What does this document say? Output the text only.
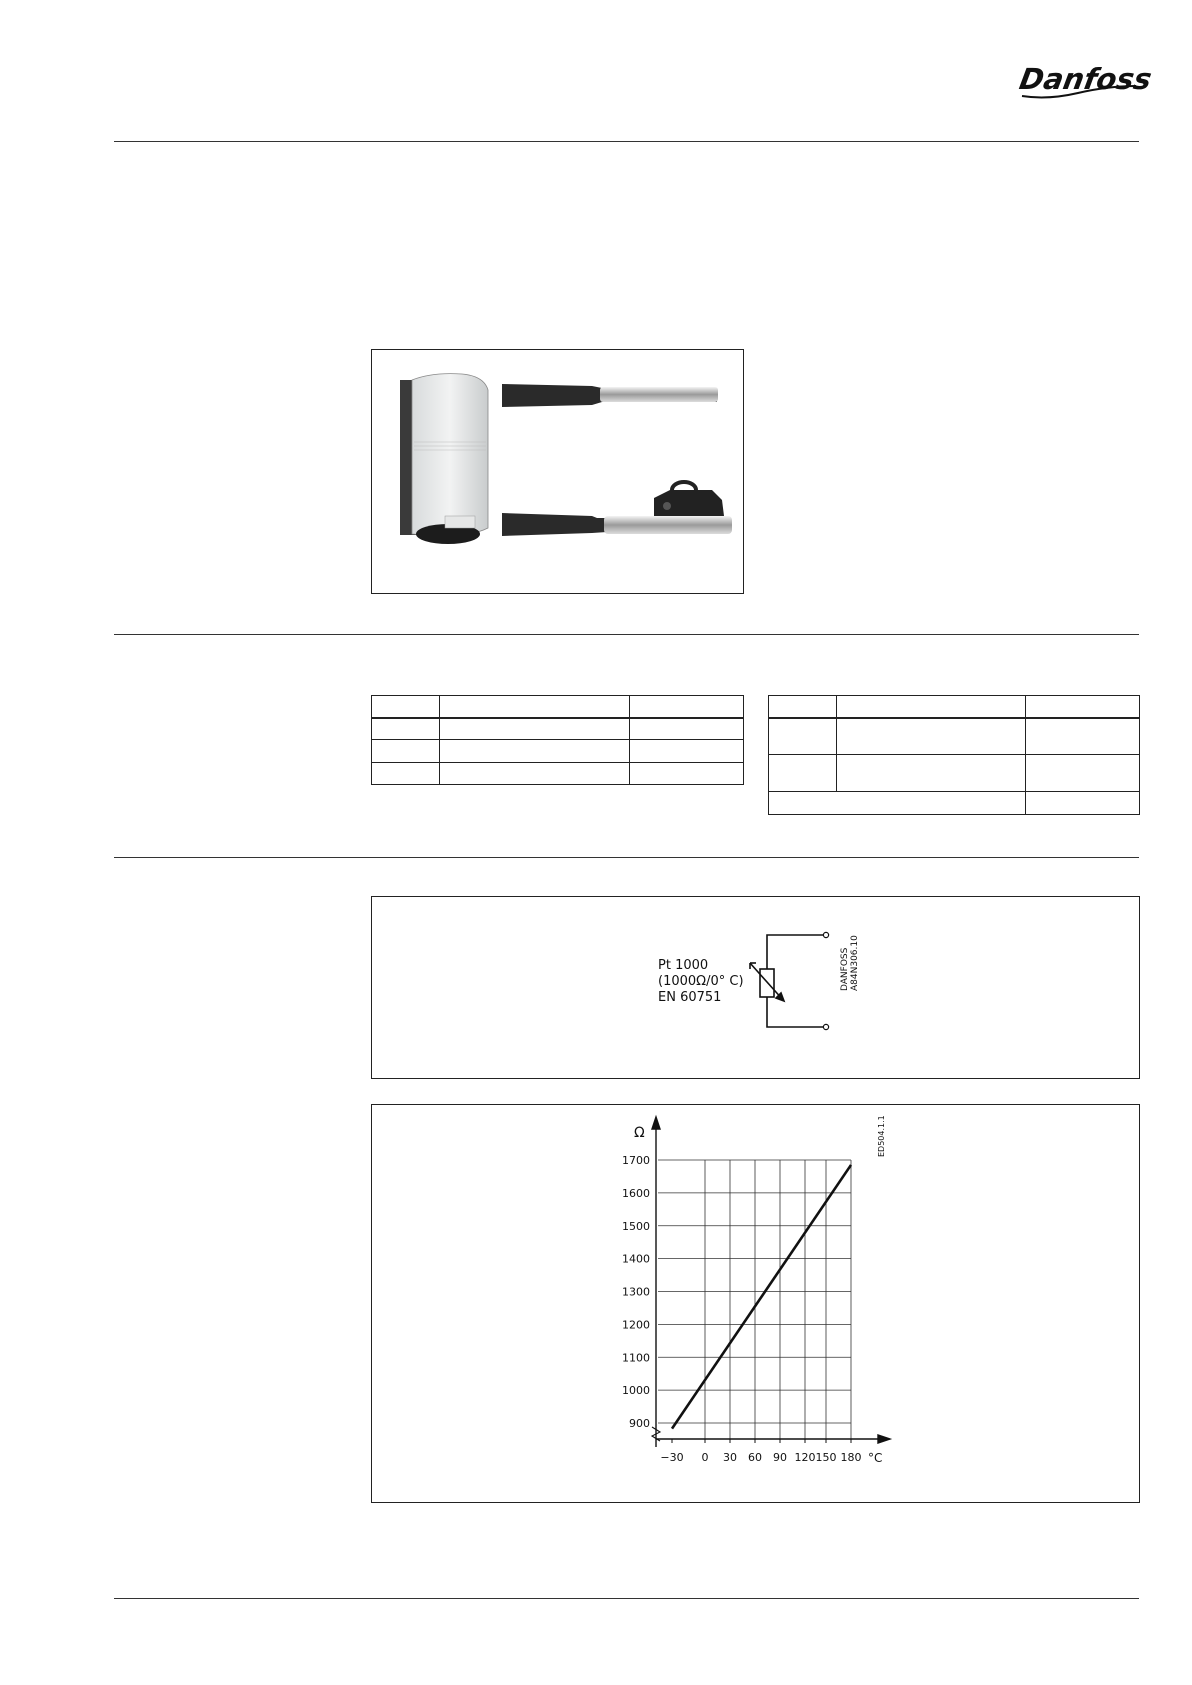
Danfoss

Pt 1000
(1000Ω/0° C)
EN 60751
DANFOSS A84N306.10
900
1000
1100
1200
1300
1400
1500
1600
1700
−30 0 30 60 90 120 150 180
Ω
°C
ED504.1.1
